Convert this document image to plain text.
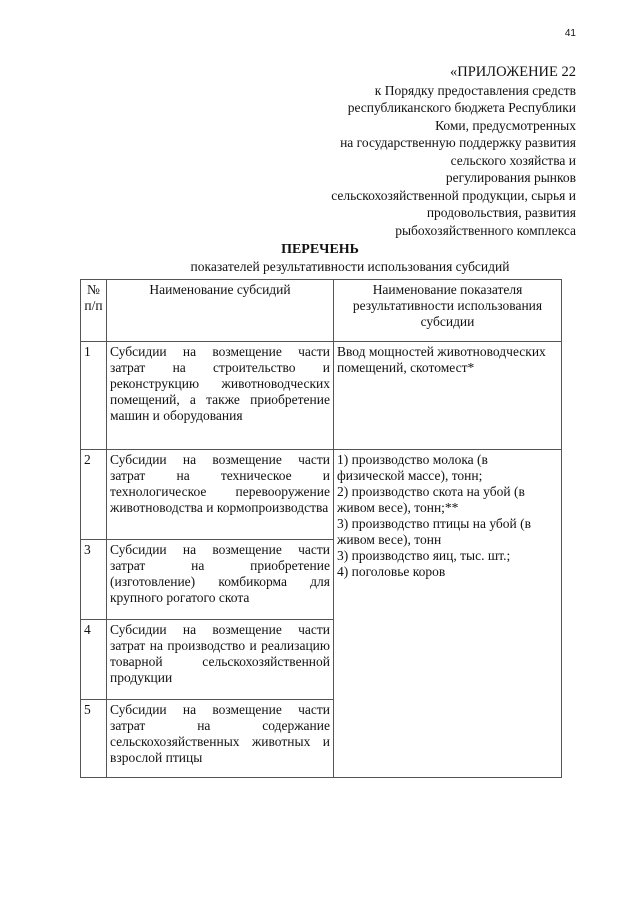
41
«ПРИЛОЖЕНИЕ 22
к Порядку предоставления средств
республиканского бюджета Республики
Коми, предусмотренных
на государственную поддержку развития
сельского хозяйства и
регулирования рынков
сельскохозяйственной продукции, сырья и
продовольствия, развития
рыбохозяйственного комплекса
ПЕРЕЧЕНЬ
показателей результативности использования субсидий
№ п/п	Наименование субсидий	Наименование показателя результативности использования субсидии
1	Субсидии на возмещение части затрат на строительство и реконструкцию животноводческих помещений, а также приобретение машин и оборудования	Ввод мощностей животноводческих помещений, скотомест*
2	Субсидии на возмещение части затрат на техническое и технологическое перевооружение животноводства и кормопроизводства	1) производство молока (в физической массе), тонн;
2) производство скота на убой (в живом весе), тонн;**
3) производство птицы на убой (в живом весе), тонн
3) производство яиц, тыс. шт.;
4) поголовье коров

3	Субсидии на возмещение части затрат на приобретение (изготовление) комбикорма для крупного рогатого скота	
4	Субсидии на возмещение части затрат на производство и реализацию товарной сельскохозяйственной продукции	
5	Субсидии на возмещение части затрат на содержание сельскохозяйственных животных и взрослой птицы	
